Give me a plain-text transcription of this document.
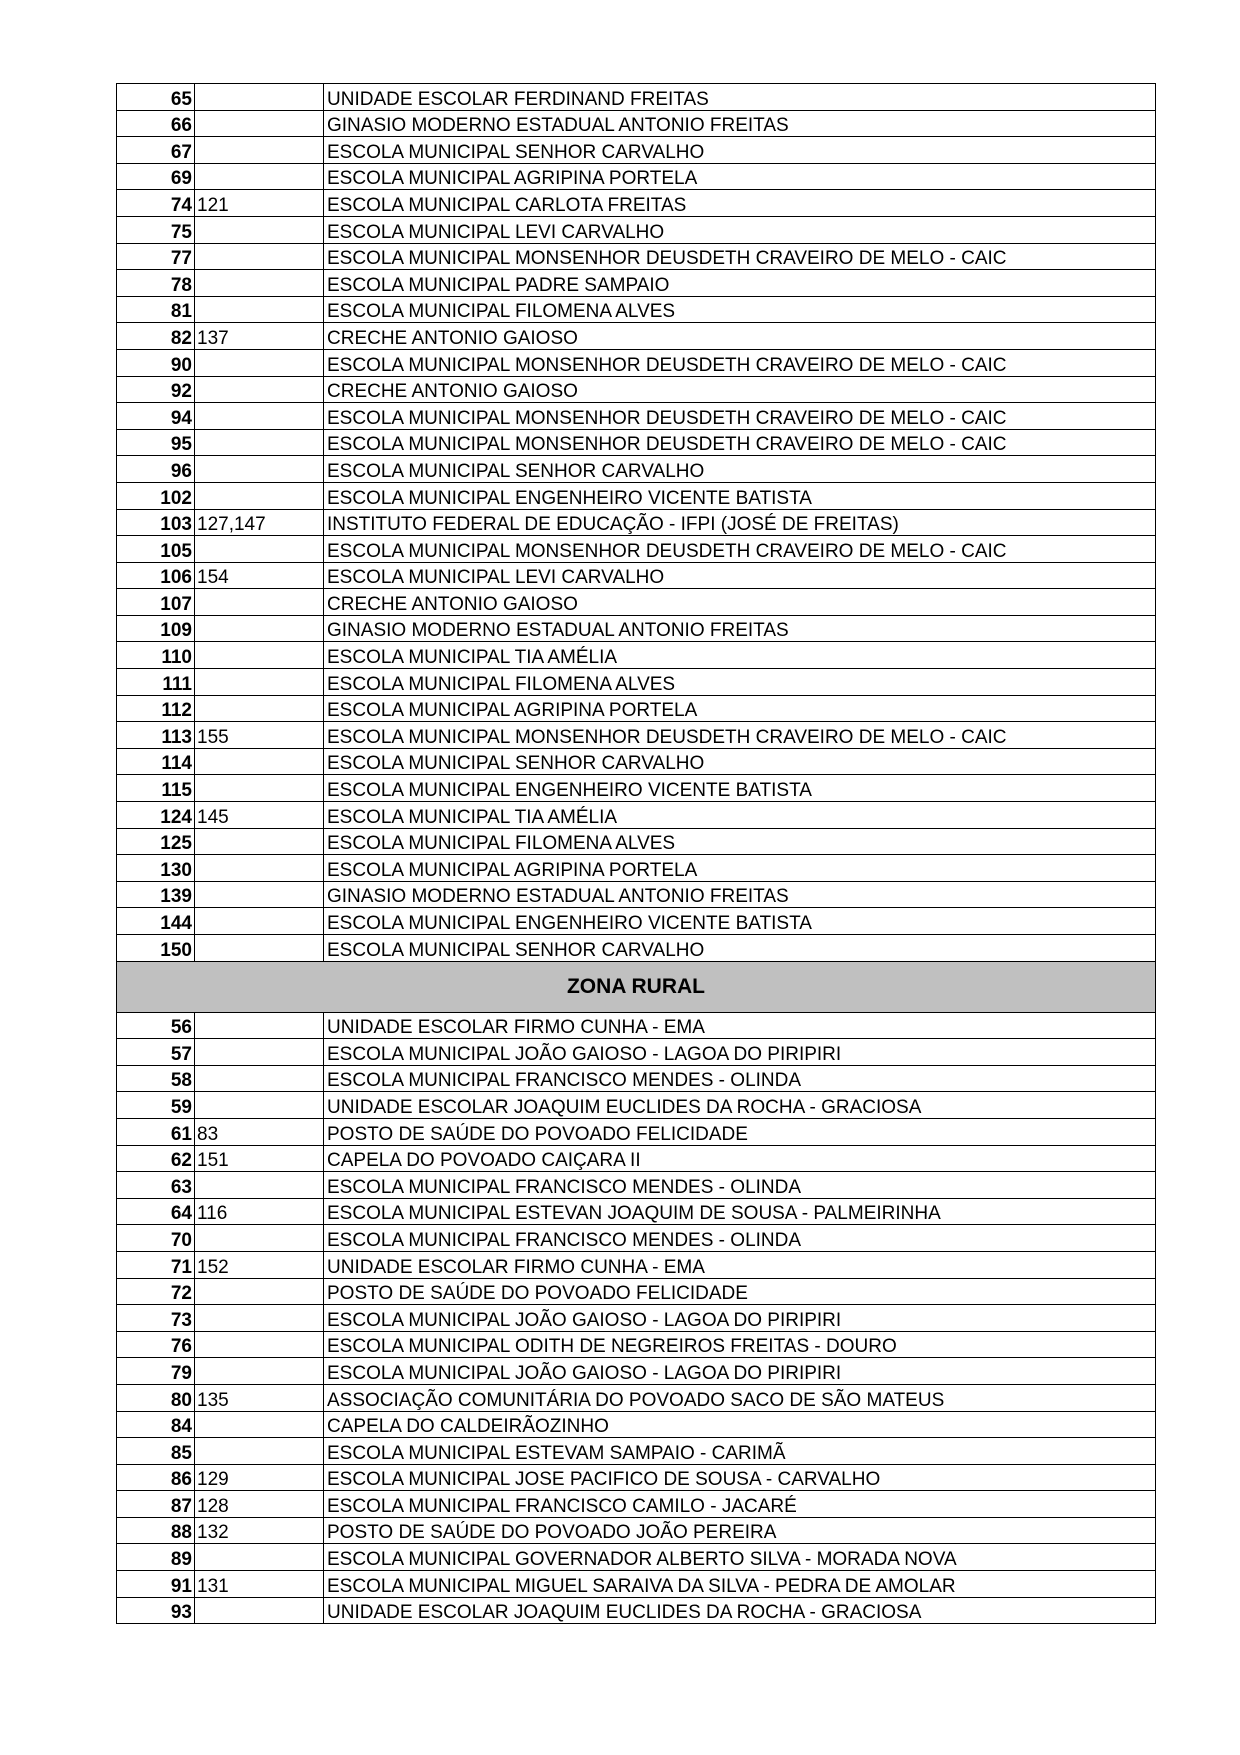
65		UNIDADE ESCOLAR FERDINAND FREITAS
66		GINASIO MODERNO ESTADUAL ANTONIO FREITAS
67		ESCOLA MUNICIPAL SENHOR CARVALHO
69		ESCOLA MUNICIPAL AGRIPINA PORTELA
74	121	ESCOLA MUNICIPAL CARLOTA FREITAS
75		ESCOLA MUNICIPAL LEVI CARVALHO
77		ESCOLA MUNICIPAL MONSENHOR DEUSDETH CRAVEIRO DE MELO - CAIC
78		ESCOLA MUNICIPAL PADRE SAMPAIO
81		ESCOLA MUNICIPAL FILOMENA ALVES
82	137	CRECHE ANTONIO GAIOSO
90		ESCOLA MUNICIPAL MONSENHOR DEUSDETH CRAVEIRO DE MELO - CAIC
92		CRECHE ANTONIO GAIOSO
94		ESCOLA MUNICIPAL MONSENHOR DEUSDETH CRAVEIRO DE MELO - CAIC
95		ESCOLA MUNICIPAL MONSENHOR DEUSDETH CRAVEIRO DE MELO - CAIC
96		ESCOLA MUNICIPAL SENHOR CARVALHO
102		ESCOLA MUNICIPAL ENGENHEIRO VICENTE BATISTA
103	127,147	INSTITUTO FEDERAL DE EDUCAÇÃO - IFPI (JOSÉ DE FREITAS)
105		ESCOLA MUNICIPAL MONSENHOR DEUSDETH CRAVEIRO DE MELO - CAIC
106	154	ESCOLA MUNICIPAL LEVI CARVALHO
107		CRECHE ANTONIO GAIOSO
109		GINASIO MODERNO ESTADUAL ANTONIO FREITAS
110		ESCOLA MUNICIPAL TIA AMÉLIA
111		ESCOLA MUNICIPAL FILOMENA ALVES
112		ESCOLA MUNICIPAL AGRIPINA PORTELA
113	155	ESCOLA MUNICIPAL MONSENHOR DEUSDETH CRAVEIRO DE MELO - CAIC
114		ESCOLA MUNICIPAL SENHOR CARVALHO
115		ESCOLA MUNICIPAL ENGENHEIRO VICENTE BATISTA
124	145	ESCOLA MUNICIPAL TIA AMÉLIA
125		ESCOLA MUNICIPAL FILOMENA ALVES
130		ESCOLA MUNICIPAL AGRIPINA PORTELA
139		GINASIO MODERNO ESTADUAL ANTONIO FREITAS
144		ESCOLA MUNICIPAL ENGENHEIRO VICENTE BATISTA
150		ESCOLA MUNICIPAL SENHOR CARVALHO
ZONA RURAL		
56		UNIDADE ESCOLAR FIRMO CUNHA - EMA
57		ESCOLA MUNICIPAL JOÃO GAIOSO - LAGOA DO PIRIPIRI
58		ESCOLA MUNICIPAL FRANCISCO MENDES - OLINDA
59		UNIDADE ESCOLAR JOAQUIM EUCLIDES DA ROCHA - GRACIOSA
61	83	POSTO DE SAÚDE DO POVOADO FELICIDADE
62	151	CAPELA DO POVOADO CAIÇARA II
63		ESCOLA MUNICIPAL FRANCISCO MENDES - OLINDA
64	116	ESCOLA MUNICIPAL ESTEVAN JOAQUIM DE SOUSA - PALMEIRINHA
70		ESCOLA MUNICIPAL FRANCISCO MENDES - OLINDA
71	152	UNIDADE ESCOLAR FIRMO CUNHA - EMA
72		POSTO DE SAÚDE DO POVOADO FELICIDADE
73		ESCOLA MUNICIPAL JOÃO GAIOSO - LAGOA DO PIRIPIRI
76		ESCOLA MUNICIPAL ODITH DE NEGREIROS FREITAS - DOURO
79		ESCOLA MUNICIPAL JOÃO GAIOSO - LAGOA DO PIRIPIRI
80	135	ASSOCIAÇÃO COMUNITÁRIA DO POVOADO SACO DE SÃO MATEUS
84		CAPELA DO CALDEIRÃOZINHO
85		ESCOLA MUNICIPAL ESTEVAM SAMPAIO - CARIMÃ
86	129	ESCOLA MUNICIPAL JOSE PACIFICO DE SOUSA - CARVALHO
87	128	ESCOLA MUNICIPAL FRANCISCO CAMILO - JACARÉ
88	132	POSTO DE SAÚDE DO POVOADO JOÃO PEREIRA
89		ESCOLA MUNICIPAL GOVERNADOR ALBERTO SILVA - MORADA NOVA
91	131	ESCOLA MUNICIPAL MIGUEL SARAIVA DA SILVA - PEDRA DE AMOLAR
93		UNIDADE ESCOLAR JOAQUIM EUCLIDES DA ROCHA - GRACIOSA
